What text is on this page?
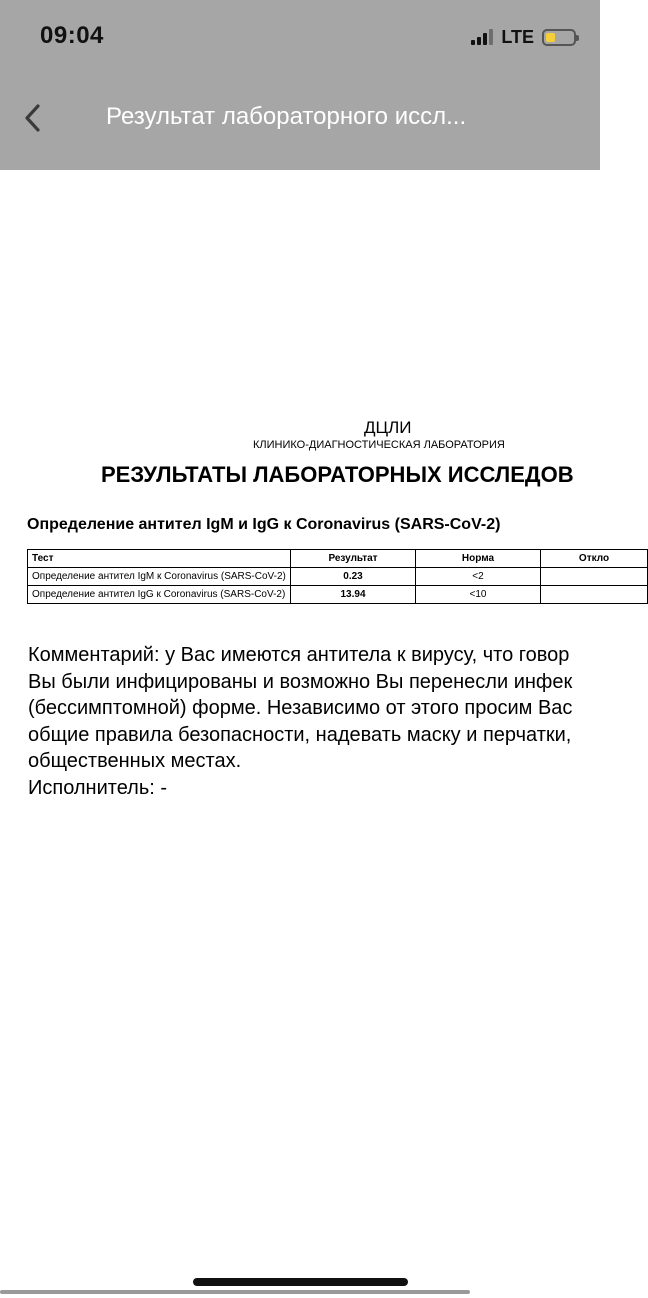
09:04	LTE
Результат лабораторного иссл...
ДЦЛИ
КЛИНИКО-ДИАГНОСТИЧЕСКАЯ ЛАБОРАТОРИЯ
РЕЗУЛЬТАТЫ ЛАБОРАТОРНЫХ ИССЛЕДОВ
Определение антител IgM и IgG к Coronavirus (SARS-CoV-2)
Тест	Результат	Норма	Откло
Определение антител IgM к Coronavirus (SARS-CoV-2)	0.23	<2	
Определение антител IgG к Coronavirus (SARS-CoV-2)	13.94	<10	
Комментарий: у Вас имеются антитела к вирусу, что говор
Вы были инфицированы и возможно Вы перенесли инфек
(бессимптомной) форме. Независимо от этого просим Вас
общие правила безопасности, надевать маску и перчатки,
общественных местах.
Исполнитель: -
